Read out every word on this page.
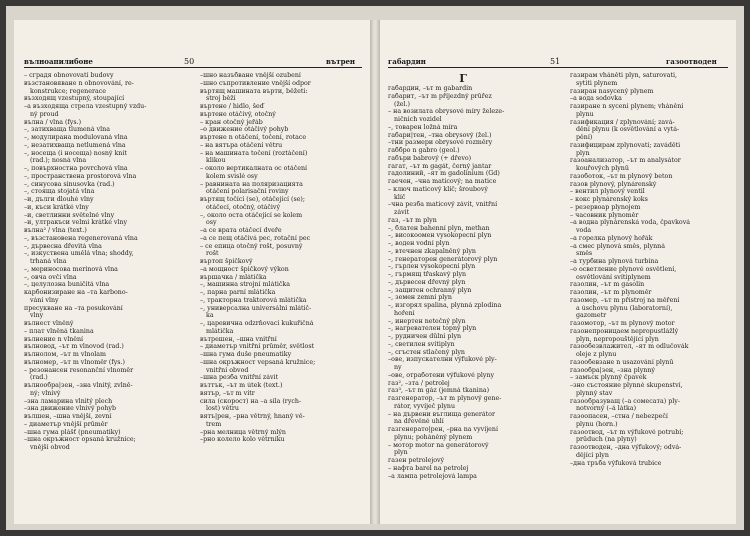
вълноапилибоне	50	вътрен
– сградя obnovovatí budovy
възстановяване n obnovování, re-
konstrukce; regenerace
възходящ vzestupný, stoupající
–а възходяща стрела vzestupný vzdu-
ný proud
вълна / vlna (fys.)
–, затихваща tlumená vlna
–, модулирана modulovaná vlna
–, незатихваща netlumená vlna
–, носеща (і носеща) nosný knit
(rad.); nosná vlna
–, повърхностна povrchová vlna
–, пространствена prostorová vlna
–, синусова sinusovka (rad.)
–, стояща stojatá vlna
–и, дълги dlouhé vlny
–и, къси krátké vlny
–и, светлинни světelné vlny
–и, ултракъси velmi krátké vlny
вълна² / vlna (text.)
–, възстановена regenerovaná vlna
–, дървесна dřevitá vlna
–, изкуствена umělá vlna; shoddy,
trhaná vlna
–, мериносова merinová vlna
–, овча ovčí vlna
–, целулозна buničitá vlna
карбонизиране на –та karbono-
vání vlny
пресукване на –та posukování
vlny
вълнест vlněný
– плат vlněná tkanina
вълнение n vlnění
вълновод, –ът m vlnovod (rad.)
вълнолом, –ът m vlnolam
вълномер, –ът m vlnoměr (fys.)
– резонансен resonanční vlnoměr
(rad.)
вълнообра|зен, –зна vlnitý, zvlně-
ný; vlnivý
–зна ламарина vlnitý plech
–зна движение vlnivý pohyb
вълшен, –шна vnější, zevní
– диаметър vnější průměr
–шна гума plášť (pneumatiky)
–шна окръжност opsaná kružnice;
vnější obvod
–шно назъбване vnější ozubení
–шно съпротивление vnější odpor
въртящ машината върти, běžeti:
stroj běží
въртене / hidlo, šeď
въртене otáčivý, otočný
– кран otočný jeřáb
–о движение otáčivý pohyb
въртене n otáčení, točení, rotace
– на вятъра otáčení větru
– на машината točení (roztáčení)
klikou
– около вертикалната ос otáčení
kolem svislé osy
– равнината на поляризацията
otáčení polarisační roviny
въртящ točící (se), otáčející (se);
otáčecí, otočný, otáčivý
–, около оста otáčející se kolem
osy
–а се врата otáčecí dveře
–а се пещ otáčivá pec, rotační pec
– се епица otočný rošt, posuvný
rošt
въртоп špičkový
–а мощност špičkový výkon
вършачка / mlátička
–, машинна strojní mlátička
–, парна parní mlátička
–, тракторна traktorová mlátička
–, универсална universální mlátič-
ka
–, царевична odzrňovací kukuřičná
mlátička
вътрешен, –шна vnitřní
– диаметър vnitřní průměr, světlost
–шна гума duše pneumatiky
–шна окръжност vepsaná kružnice;
vnitřní obvod
–шна резба vnitřní závit
въттък, –ът m útek (text.)
вятър, –ът m vítr
сила (скорост) на –а síla (rych-
lost) větru
вятъ|рен, –рна větrný, hnaný vě-
trem
–рна мелница větrný mlýn
–рно колело kolo větrníku
габардин	51	газоотводен
Г
габардин, –ът m gabardin
габарит, –ът m příjezdný průřez
(žel.)
– на возилата obrysové míry železe-
ničních vozidel
–, товарен ložná míra
габари|тен, –тна obrysový (žel.)
–тни размери obrysové rozměry
габбро n gabro (geol.)
габъри babrový (+ dřevo)
гагат, –ът m gagát, černý jantar
гадолиний, –ят m gadolinium (Gd)
гаечен, –чна maticový; na matice
– ключ maticový klíč; šroubový
klíč
–чна резба maticový závit, vnitřní
závit
газ, –ът m plyn
–, блатен bahenní plyn, methan
–, високоомен vysokopecní plyn
–, воден vodní plyn
–, втечнен zkapalněný plyn
–, генераторен generátorový plyn
–, гърлен vysokopecní plyn
–, гърмящ třaskavý plyn
–, дървесен dřevný plyn
–, защитен ochranný plyn
–, земен zemní plyn
–, изгорял spalina, plynná zplodina
hoření
–, инертен netečný plyn
–, нагревателен topný plyn
–, рудничен důlní plyn
–, светилен svítiplyn
–, сгъстен stlačený plyn
–ове, изпускателни výfukové ply-
ny
–ове, отработени výfukové plyny
газ², –зта / petrolej
газ³, –ът m gáz (jemná tkanina)
газгенератор, –ът m plynový gene-
rátor, vyvíječ plynu
– на дървени въглища generátor
na dřevěné uhlí
газгенерато|рен, –рна na vyvíjení
plynu; poháněný plynem
– мотор motor na generátorový
plyn
газен petrolejový
– нафта barel na petrolej
–а лампа petrolejová lampa
газирам vháněti plyn, saturovati,
sytiti plynem
газиран nasycený plynem
–а вода sodovka
газиране n sycení plynem; vhánění
plynu
газификация / zplynování; zavá-
dění plynu (k osvětlování a vytá-
pění)
газифицирам zplynovati; zaváděti
plyn
газоанализатор, –ът m analysátor
kouřových plynů
газоботок, –ът m plynový beton
газов plynový, plynárenský
– вентил plynový ventil
– кокс plynárenský koks
– резервоар plynojem
– часовник plynoměr
–а водна plynárenská voda, čpavková
voda
–а горелка plynový hořák
–а смес plynová směs, plynná
směs
–а турбина plynová turbina
–о осветление plynové osvětlení,
osvětlování svítiplynem
газолин, –ът m gasolin
газолин, –ът m plynoměr
газомер, –ът m přístroj na měření
a úschovu plynu (laboratorní),
gazometr
газомотор, –ът m plynový motor
газонепроницаем nepropustlážlý
plyn, nepropouštějící plyn
газообезвлажител, –ят m odlučovák
oleje z plynu
газообевзане n usazování plynů
газообра|зен, –зна plynný
– замъск plynný čpavek
–зно състояние plynné skupenství,
plynný stav
газообразуващ (–а сомесата) ply-
notvorný (–á látka)
газоопасен, –стна / nebezpečí
plynu (horn.)
газоотвод, –ът m výfukové potrubí;
průduch (na plyny)
газоотводен, –дна výfukový; odvá-
dějící plyn
–дна тръба výfuková trubice
